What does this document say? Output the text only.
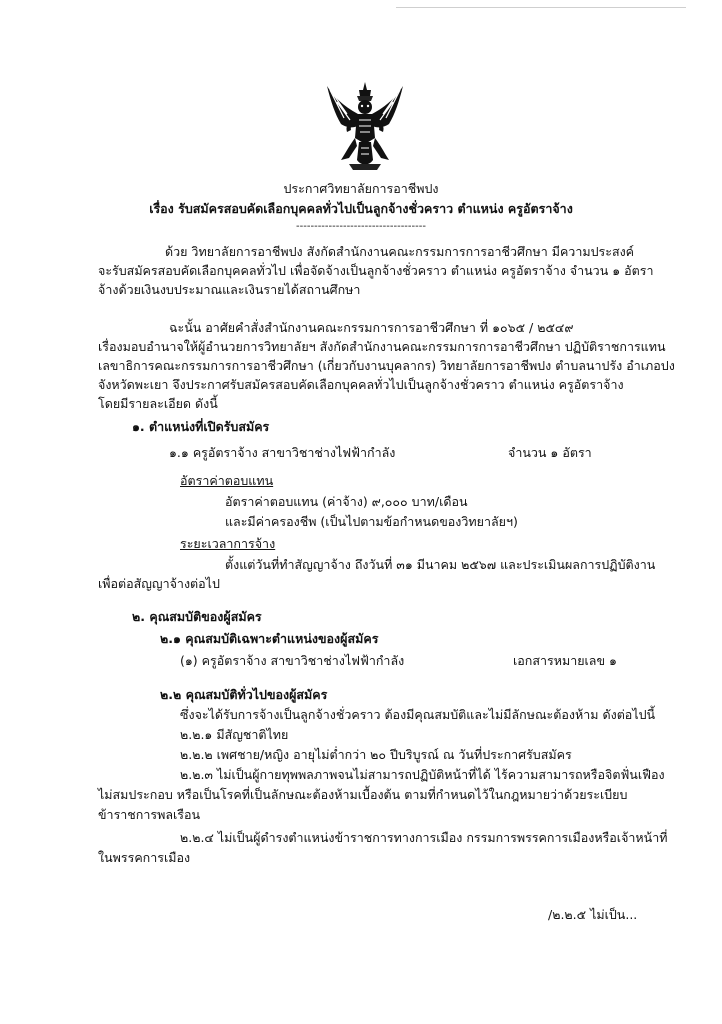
ประกาศวิทยาลัยการอาชีพปง
เรื่อง รับสมัครสอบคัดเลือกบุคคลทั่วไปเป็นลูกจ้างชั่วคราว ตำแหน่ง ครูอัตราจ้าง
------------------------------------
ด้วย วิทยาลัยการอาชีพปง สังกัดสำนักงานคณะกรรมการการอาชีวศึกษา มีความประสงค์
จะรับสมัครสอบคัดเลือกบุคคลทั่วไป เพื่อจัดจ้างเป็นลูกจ้างชั่วคราว ตำแหน่ง ครูอัตราจ้าง จำนวน ๑ อัตรา
จ้างด้วยเงินงบประมาณและเงินรายได้สถานศึกษา
ฉะนั้น อาศัยคำสั่งสำนักงานคณะกรรมการการอาชีวศึกษา ที่ ๑๐๖๕ / ๒๕๔๙
เรื่องมอบอำนาจให้ผู้อำนวยการวิทยาลัยฯ สังกัดสำนักงานคณะกรรมการการอาชีวศึกษา ปฏิบัติราชการแทน
เลขาธิการคณะกรรมการการอาชีวศึกษา (เกี่ยวกับงานบุคลากร) วิทยาลัยการอาชีพปง ตำบลนาปรัง อำเภอปง
จังหวัดพะเยา จึงประกาศรับสมัครสอบคัดเลือกบุคคลทั่วไปเป็นลูกจ้างชั่วคราว ตำแหน่ง ครูอัตราจ้าง
โดยมีรายละเอียด ดังนี้
๑. ตำแหน่งที่เปิดรับสมัคร
๑.๑ ครูอัตราจ้าง สาขาวิชาช่างไฟฟ้ากำลัง	จำนวน ๑ อัตรา
อัตราค่าตอบแทน
อัตราค่าตอบแทน (ค่าจ้าง) ๙,๐๐๐ บาท/เดือน
และมีค่าครองชีพ (เป็นไปตามข้อกำหนดของวิทยาลัยฯ)
ระยะเวลาการจ้าง
ตั้งแต่วันที่ทำสัญญาจ้าง ถึงวันที่ ๓๑ มีนาคม ๒๕๖๗ และประเมินผลการปฏิบัติงาน
เพื่อต่อสัญญาจ้างต่อไป
๒. คุณสมบัติของผู้สมัคร
๒.๑ คุณสมบัติเฉพาะตำแหน่งของผู้สมัคร
(๑) ครูอัตราจ้าง สาขาวิชาช่างไฟฟ้ากำลัง	เอกสารหมายเลข ๑
๒.๒ คุณสมบัติทั่วไปของผู้สมัคร
ซึ่งจะได้รับการจ้างเป็นลูกจ้างชั่วคราว ต้องมีคุณสมบัติและไม่มีลักษณะต้องห้าม ดังต่อไปนี้
๒.๒.๑ มีสัญชาติไทย
๒.๒.๒ เพศชาย/หญิง อายุไม่ต่ำกว่า ๒๐ ปีบริบูรณ์ ณ วันที่ประกาศรับสมัคร
๒.๒.๓ ไม่เป็นผู้กายทุพพลภาพจนไม่สามารถปฏิบัติหน้าที่ได้ ไร้ความสามารถหรือจิตฟั่นเฟือง
ไม่สมประกอบ หรือเป็นโรคที่เป็นลักษณะต้องห้ามเบื้องต้น ตามที่กำหนดไว้ในกฎหมายว่าด้วยระเบียบ
ข้าราชการพลเรือน
๒.๒.๔ ไม่เป็นผู้ดำรงตำแหน่งข้าราชการทางการเมือง กรรมการพรรคการเมืองหรือเจ้าหน้าที่
ในพรรคการเมือง
/๒.๒.๕ ไม่เป็น...
